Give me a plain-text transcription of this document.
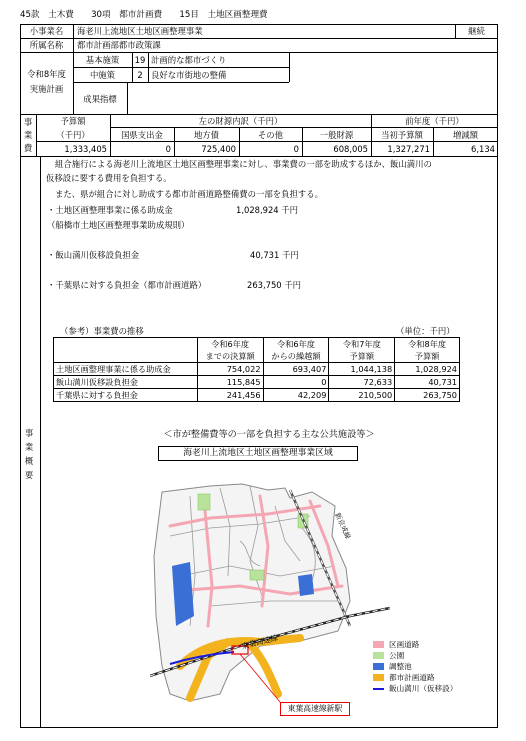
45款　土木費　　30項　都市計画費　　15目　土地区画整理費
小事業名	海老川上流地区土地区画整理事業	継続
所属名称	都市計画部都市政策課
令和8年度
実施計画
基本施策	19 計画的な都市づくり
中施策	2 良好な市街地の整備
成果指標
事
業
費
予算額
（千円）
左の財源内訳（千円）	前年度（千円）
国県支出金	地方債	その他	一般財源	当初予算額	増減額
1,333,405	0	725,400	0	608,005	1,327,271	6,134
事
業
概
要
組合施行による海老川上流地区土地区画整理事業に対し、事業費の一部を助成するほか、飯山満川の
仮移設に要する費用を負担する。
また、県が組合に対し助成する都市計画道路整備費の一部を負担する。
・土地区画整理事業に係る助成金	1,028,924 千円
（船橋市土地区画整理事業助成規則）
・飯山満川仮移設負担金	40,731 千円
・千葉県に対する負担金（都市計画道路）	263,750 千円
（参考）事業費の推移	（単位：千円）
	令和6年度	令和6年度	令和7年度	令和8年度
	までの決算額	からの繰越額	予算額	予算額
土地区画整理事業に係る助成金	754,022	693,407	1,044,138	1,028,924
飯山満川仮移設負担金	115,845	0	72,633	40,731
千葉県に対する負担金	241,456	42,209	210,500	263,750
＜市が整備費等の一部を負担する主な公共施設等＞
海老川上流地区土地区画整理事業区域
新京成線
東葉高速線
東葉高速線新駅
区画道路
公園
調整池
都市計画道路
飯山満川（仮移設）
